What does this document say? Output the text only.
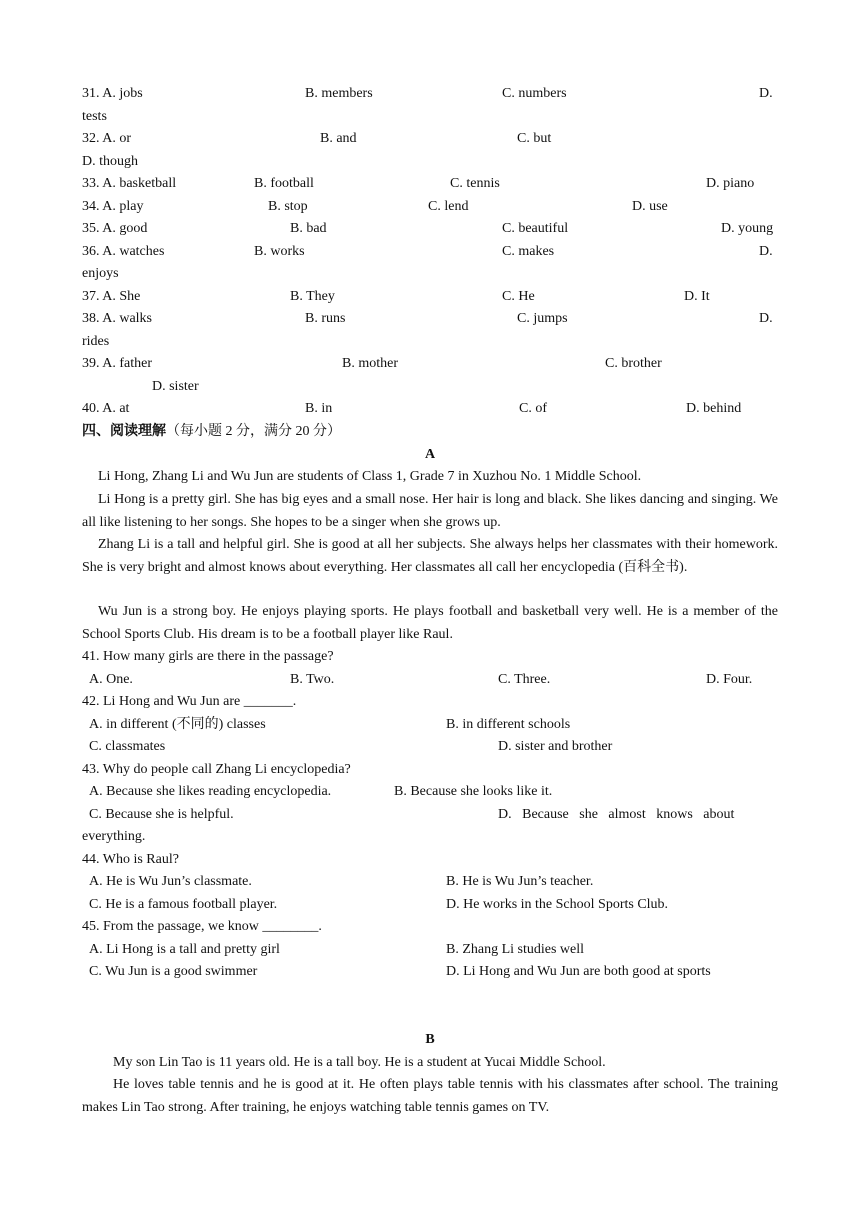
31. A. jobs	B. members	C. numbers	D.
tests
32. A. or	B. and	C. but
D. though
33. A. basketball	B. football	C. tennis	D. piano
34. A. play	B. stop	C. lend	D. use
35. A. good	B. bad	C. beautiful	D. young
36. A. watches	B. works	C. makes	D.
enjoys
37. A. She	B. They	C. He	D. It
38. A. walks	B. runs	C. jumps	D.
rides
39. A. father	B. mother	C. brother
D. sister
40. A. at	B. in	C. of	D. behind
四、阅读理解（每小题 2 分，满分 20 分）
A
Li Hong, Zhang Li and Wu Jun are students of Class 1, Grade 7 in Xuzhou No. 1 Middle School.
Li Hong is a pretty girl. She has big eyes and a small nose. Her hair is long and black. She likes dancing and singing. We all like listening to her songs. She hopes to be a singer when she grows up.
Zhang Li is a tall and helpful girl. She is good at all her subjects. She always helps her classmates with their homework. She is very bright and almost knows about everything. Her classmates all call her encyclopedia (百科全书).
Wu Jun is a strong boy. He enjoys playing sports. He plays football and basketball very well. He is a member of the School Sports Club. His dream is to be a football player like Raul.
41. How many girls are there in the passage?
A. One.	B. Two.	C. Three.	D. Four.
42. Li Hong and Wu Jun are _______.
A. in different (不同的) classes	B. in different schools
C. classmates	D. sister and brother
43. Why do people call Zhang Li encyclopedia?
A. Because she likes reading encyclopedia.	B. Because she looks like it.
C. Because she is helpful.	D.   Because   she   almost   knows   about
everything.
44. Who is Raul?
A. He is Wu Jun’s classmate.	B. He is Wu Jun’s teacher.
C. He is a famous football player.	D. He works in the School Sports Club.
45. From the passage, we know ________.
A. Li Hong is a tall and pretty girl	B. Zhang Li studies well
C. Wu Jun is a good swimmer	D. Li Hong and Wu Jun are both good at sports
B
My son Lin Tao is 11 years old. He is a tall boy. He is a student at Yucai Middle School.
He loves table tennis and he is good at it. He often plays table tennis with his classmates after school. The training makes Lin Tao strong. After training, he enjoys watching table tennis games on TV.
